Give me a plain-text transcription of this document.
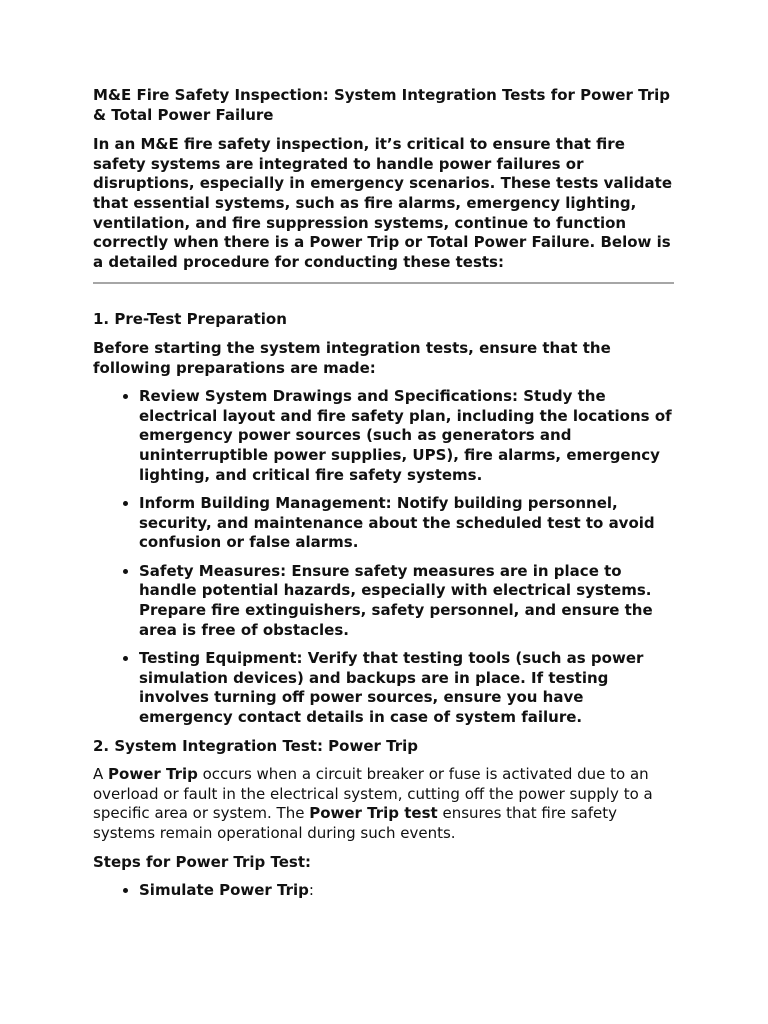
M&E Fire Safety Inspection: System Integration Tests for Power Trip & Total Power Failure

In an M&E fire safety inspection, it’s critical to ensure that fire safety systems are integrated to handle power failures or disruptions, especially in emergency scenarios. These tests validate that essential systems, such as fire alarms, emergency lighting, ventilation, and fire suppression systems, continue to function correctly when there is a Power Trip or Total Power Failure. Below is a detailed procedure for conducting these tests:

1. Pre-Test Preparation

Before starting the system integration tests, ensure that the following preparations are made:

• Review System Drawings and Specifications: Study the electrical layout and fire safety plan, including the locations of emergency power sources (such as generators and uninterruptible power supplies, UPS), fire alarms, emergency lighting, and critical fire safety systems.
• Inform Building Management: Notify building personnel, security, and maintenance about the scheduled test to avoid confusion or false alarms.
• Safety Measures: Ensure safety measures are in place to handle potential hazards, especially with electrical systems. Prepare fire extinguishers, safety personnel, and ensure the area is free of obstacles.
• Testing Equipment: Verify that testing tools (such as power simulation devices) and backups are in place. If testing involves turning off power sources, ensure you have emergency contact details in case of system failure.

2. System Integration Test: Power Trip

A Power Trip occurs when a circuit breaker or fuse is activated due to an overload or fault in the electrical system, cutting off the power supply to a specific area or system. The Power Trip test ensures that fire safety systems remain operational during such events.

Steps for Power Trip Test:

• Simulate Power Trip:
